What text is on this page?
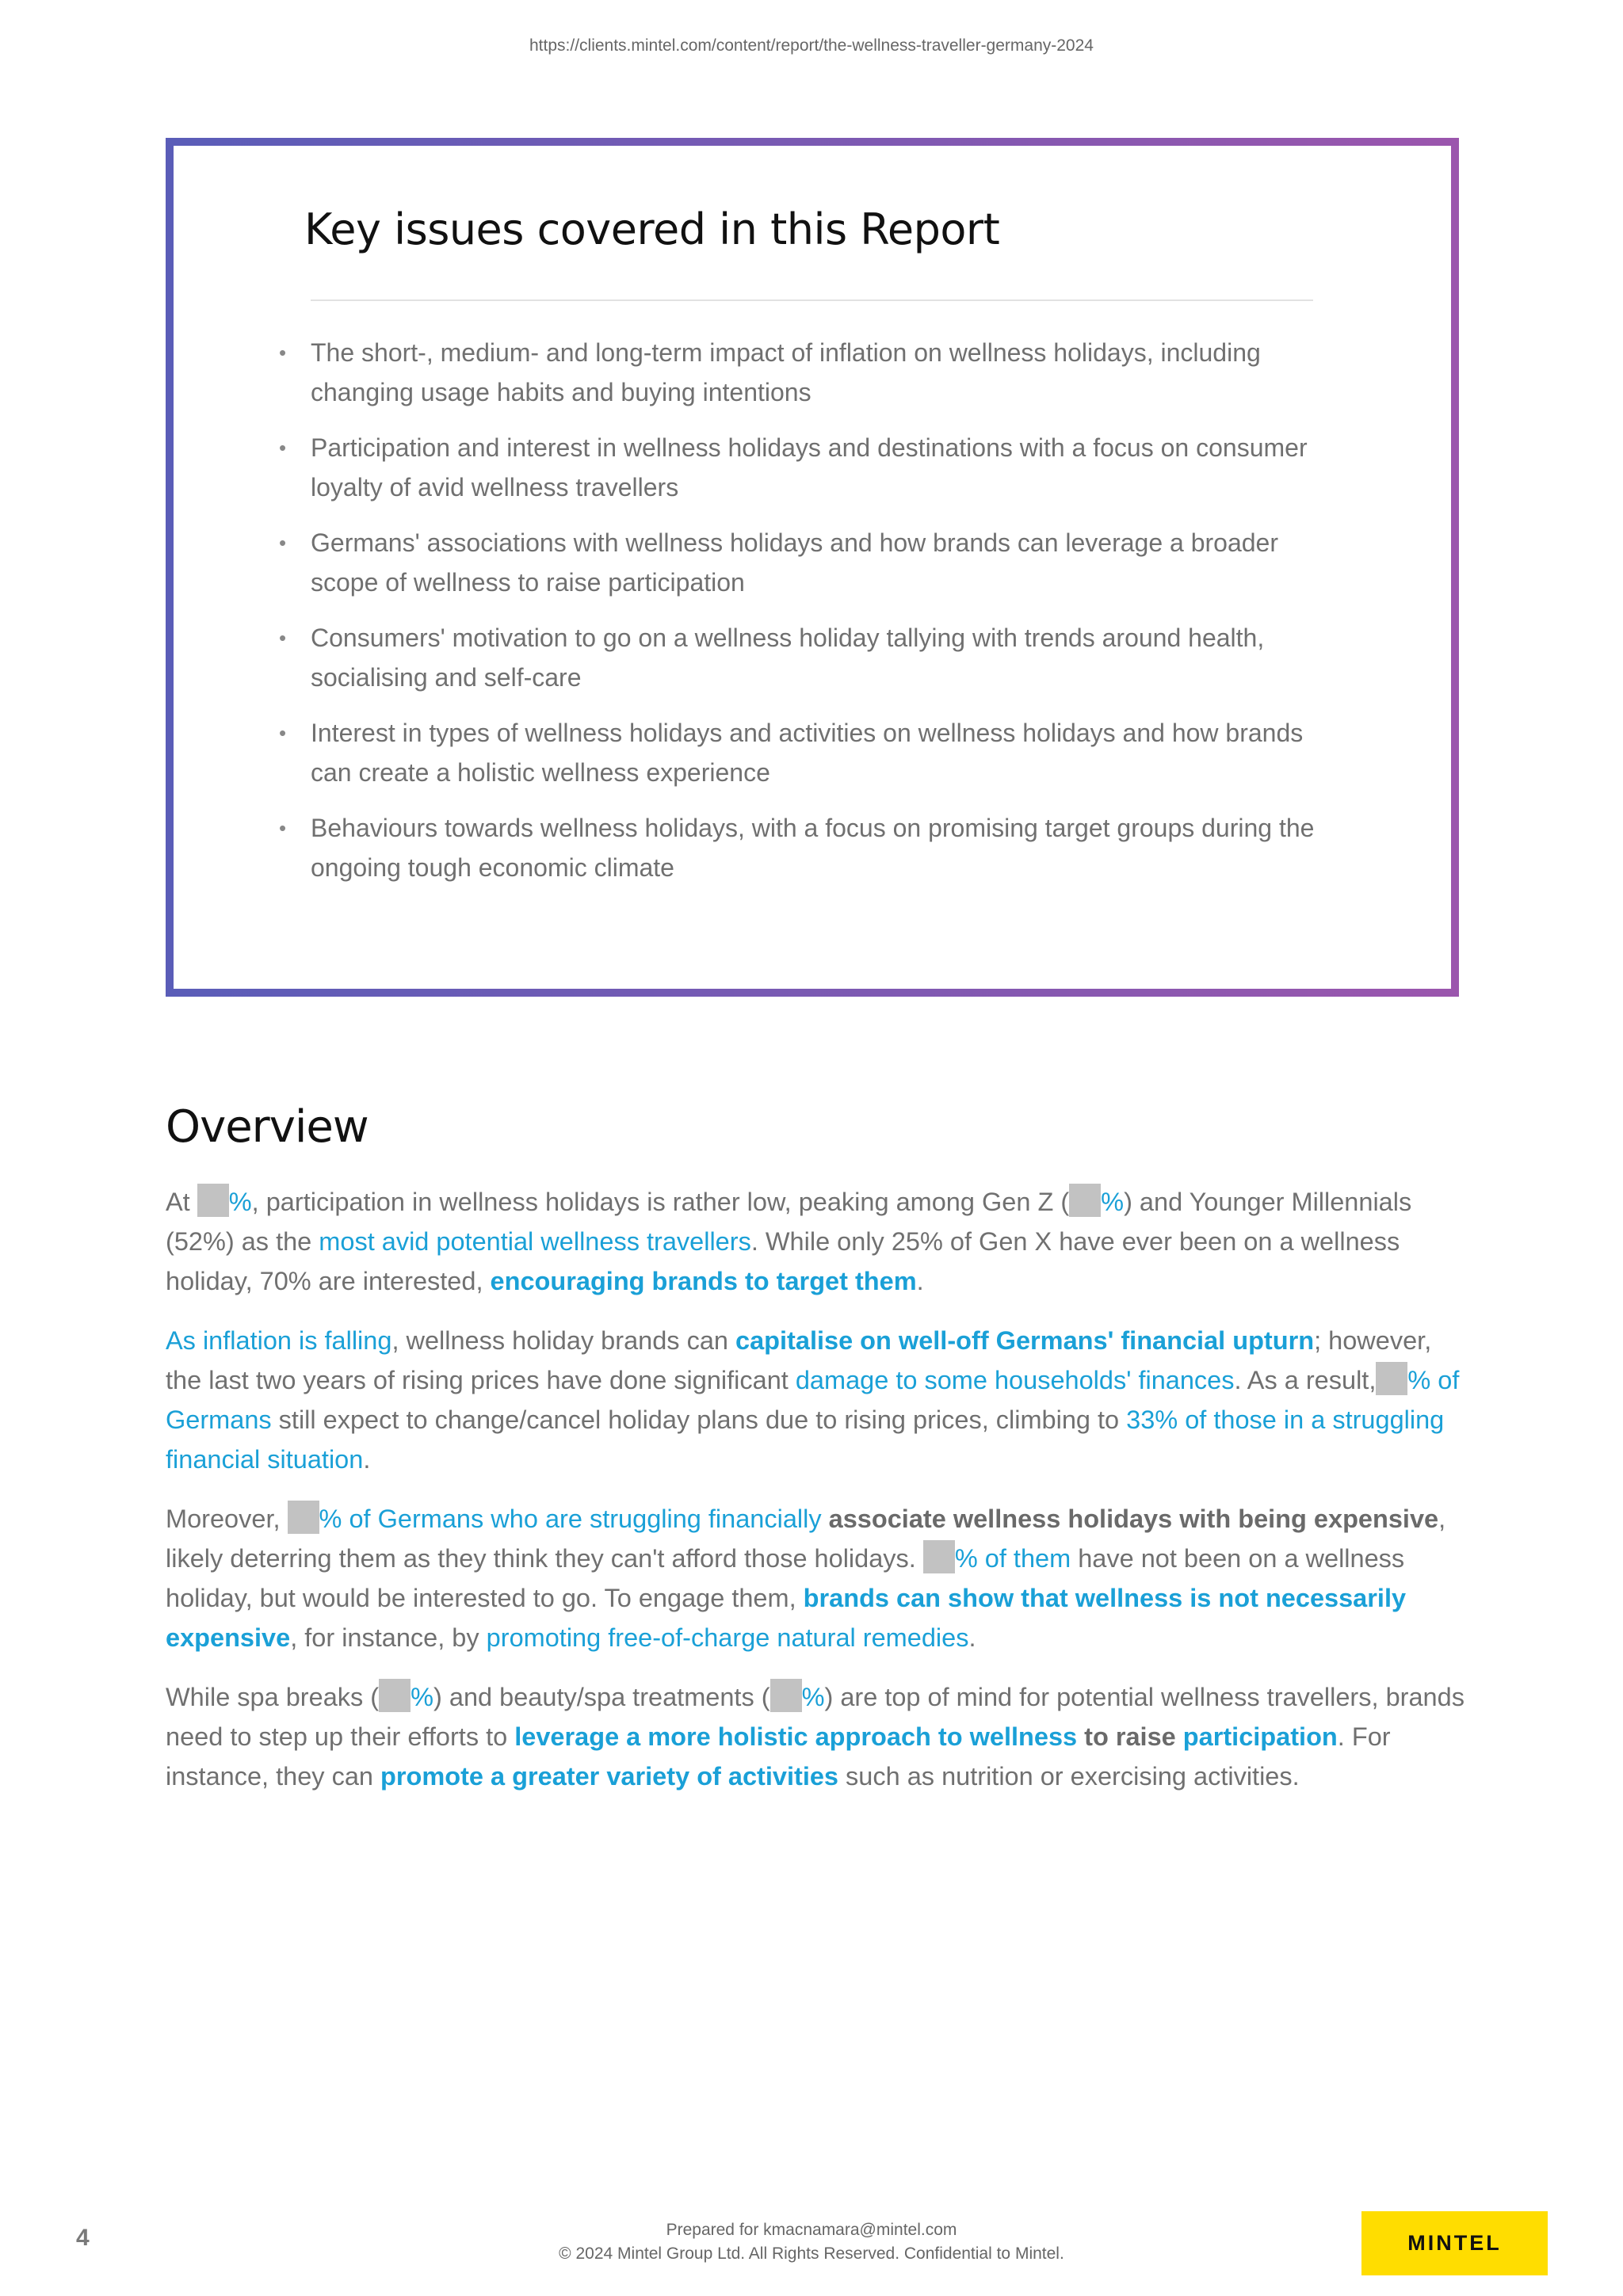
https://clients.mintel.com/content/report/the-wellness-traveller-germany-2024
Key issues covered in this Report
• The short-, medium- and long-term impact of inflation on wellness holidays, including changing usage habits and buying intentions
• Participation and interest in wellness holidays and destinations with a focus on consumer loyalty of avid wellness travellers
• Germans' associations with wellness holidays and how brands can leverage a broader scope of wellness to raise participation
• Consumers' motivation to go on a wellness holiday tallying with trends around health, socialising and self-care
• Interest in types of wellness holidays and activities on wellness holidays and how brands can create a holistic wellness experience
• Behaviours towards wellness holidays, with a focus on promising target groups during the ongoing tough economic climate
Overview

At %, participation in wellness holidays is rather low, peaking among Gen Z ( %) and Younger Millennials (52%) as the most avid potential wellness travellers. While only 25% of Gen X have ever been on a wellness holiday, 70% are interested, encouraging brands to target them.

As inflation is falling, wellness holiday brands can capitalise on well-off Germans' financial upturn; however, the last two years of rising prices have done significant damage to some households' finances. As a result, % of Germans still expect to change/cancel holiday plans due to rising prices, climbing to 33% of those in a struggling financial situation.

Moreover, % of Germans who are struggling financially associate wellness holidays with being expensive, likely deterring them as they think they can't afford those holidays. % of them have not been on a wellness holiday, but would be interested to go. To engage them, brands can show that wellness is not necessarily expensive, for instance, by promoting free-of-charge natural remedies.

While spa breaks ( %) and beauty/spa treatments ( %) are top of mind for potential wellness travellers, brands need to step up their efforts to leverage a more holistic approach to wellness to raise participation. For instance, they can promote a greater variety of activities such as nutrition or exercising activities.

4	Prepared for kmacnamara@mintel.com
© 2024 Mintel Group Ltd. All Rights Reserved. Confidential to Mintel.	MINTEL
